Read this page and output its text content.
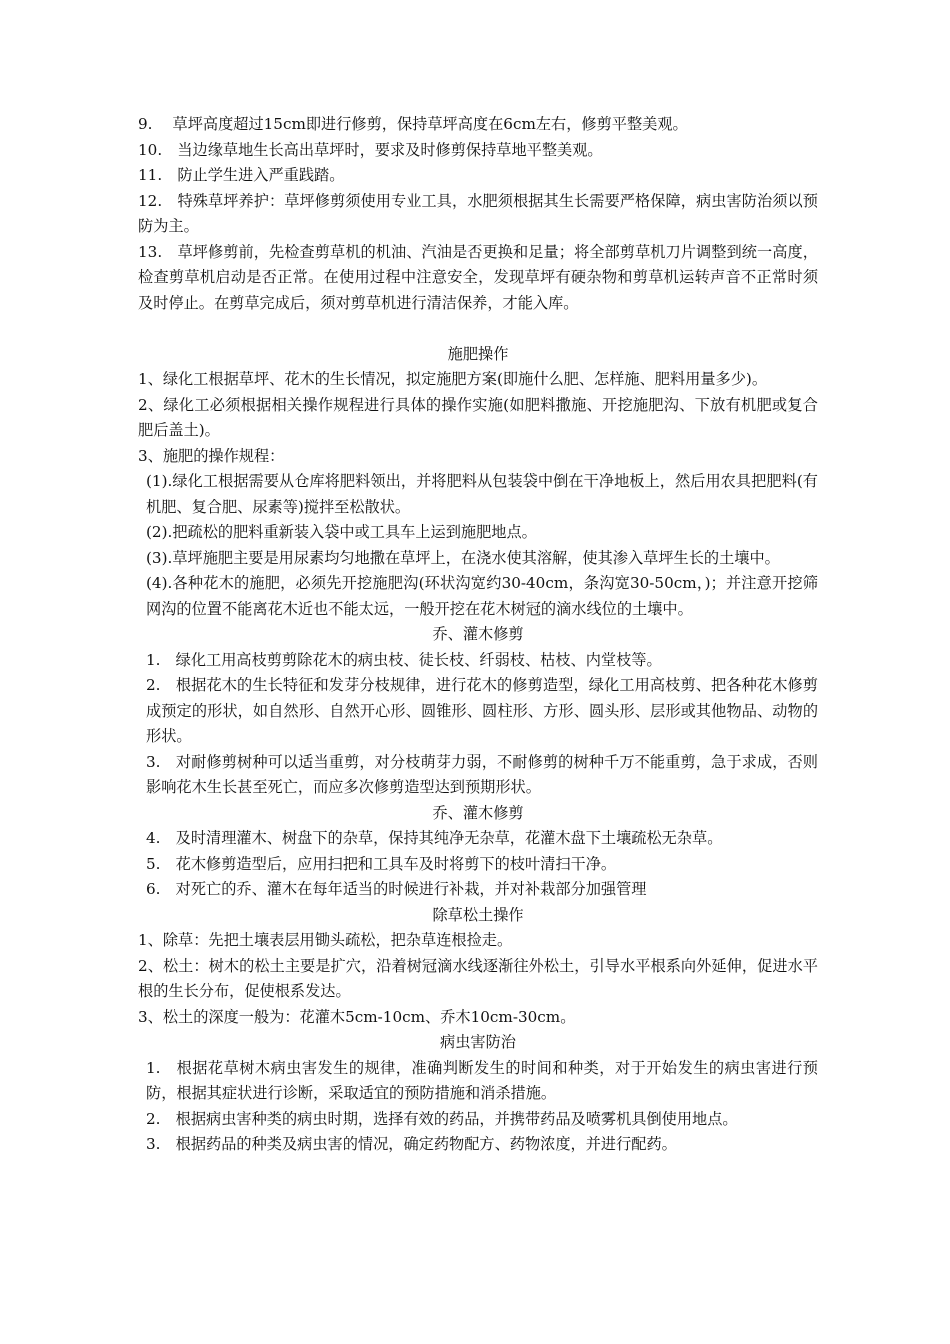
9.　 草坪高度超过15cm即进行修剪，保持草坪高度在6cm左右，修剪平整美观。

10.　当边缘草地生长高出草坪时，要求及时修剪保持草地平整美观。

11.　防止学生进入严重践踏。

12.　特殊草坪养护：草坪修剪须使用专业工具，水肥须根据其生长需要严格保障，病虫害防治须以预防为主。

13.　草坪修剪前，先检查剪草机的机油、汽油是否更换和足量；将全部剪草机刀片调整到统一高度，检查剪草机启动是否正常。在使用过程中注意安全，发现草坪有硬杂物和剪草机运转声音不正常时须及时停止。在剪草完成后，须对剪草机进行清洁保养，才能入库。

施肥操作

1、绿化工根据草坪、花木的生长情况，拟定施肥方案(即施什么肥、怎样施、肥料用量多少)。

2、绿化工必须根据相关操作规程进行具体的操作实施(如肥料撒施、开挖施肥沟、下放有机肥或复合肥后盖土)。

3、施肥的操作规程：

(1).绿化工根据需要从仓库将肥料领出，并将肥料从包装袋中倒在干净地板上，然后用农具把肥料(有机肥、复合肥、尿素等)搅拌至松散状。

(2).把疏松的肥料重新装入袋中或工具车上运到施肥地点。

(3).草坪施肥主要是用尿素均匀地撒在草坪上，在浇水使其溶解，使其渗入草坪生长的土壤中。

(4).各种花木的施肥，必须先开挖施肥沟(环状沟宽约30-40cm，条沟宽30-50cm，)；并注意开挖筛网沟的位置不能离花木近也不能太远，一般开挖在花木树冠的滴水线位的土壤中。

乔、灌木修剪

1.　绿化工用高枝剪剪除花木的病虫枝、徒长枝、纤弱枝、枯枝、内堂枝等。

2.　根据花木的生长特征和发芽分枝规律，进行花木的修剪造型，绿化工用高枝剪、把各种花木修剪成预定的形状，如自然形、自然开心形、圆锥形、圆柱形、方形、圆头形、层形或其他物品、动物的形状。

3.　对耐修剪树种可以适当重剪，对分枝萌芽力弱，不耐修剪的树种千万不能重剪，急于求成，否则影响花木生长甚至死亡，而应多次修剪造型达到预期形状。

乔、灌木修剪

4.　及时清理灌木、树盘下的杂草，保持其纯净无杂草，花灌木盘下土壤疏松无杂草。

5.　花木修剪造型后，应用扫把和工具车及时将剪下的枝叶清扫干净。

6.　对死亡的乔、灌木在每年适当的时候进行补栽，并对补栽部分加强管理

除草松土操作

1、除草：先把土壤表层用锄头疏松，把杂草连根捡走。

2、松土：树木的松土主要是扩穴，沿着树冠滴水线逐渐往外松土，引导水平根系向外延伸，促进水平根的生长分布，促使根系发达。

3、松土的深度一般为：花灌木5cm-10cm、乔木10cm-30cm。

病虫害防治

1.　根据花草树木病虫害发生的规律，准确判断发生的时间和种类，对于开始发生的病虫害进行预防，根据其症状进行诊断，采取适宜的预防措施和消杀措施。

2.　根据病虫害种类的病虫时期，选择有效的药品，并携带药品及喷雾机具倒使用地点。

3.　根据药品的种类及病虫害的情况，确定药物配方、药物浓度，并进行配药。
